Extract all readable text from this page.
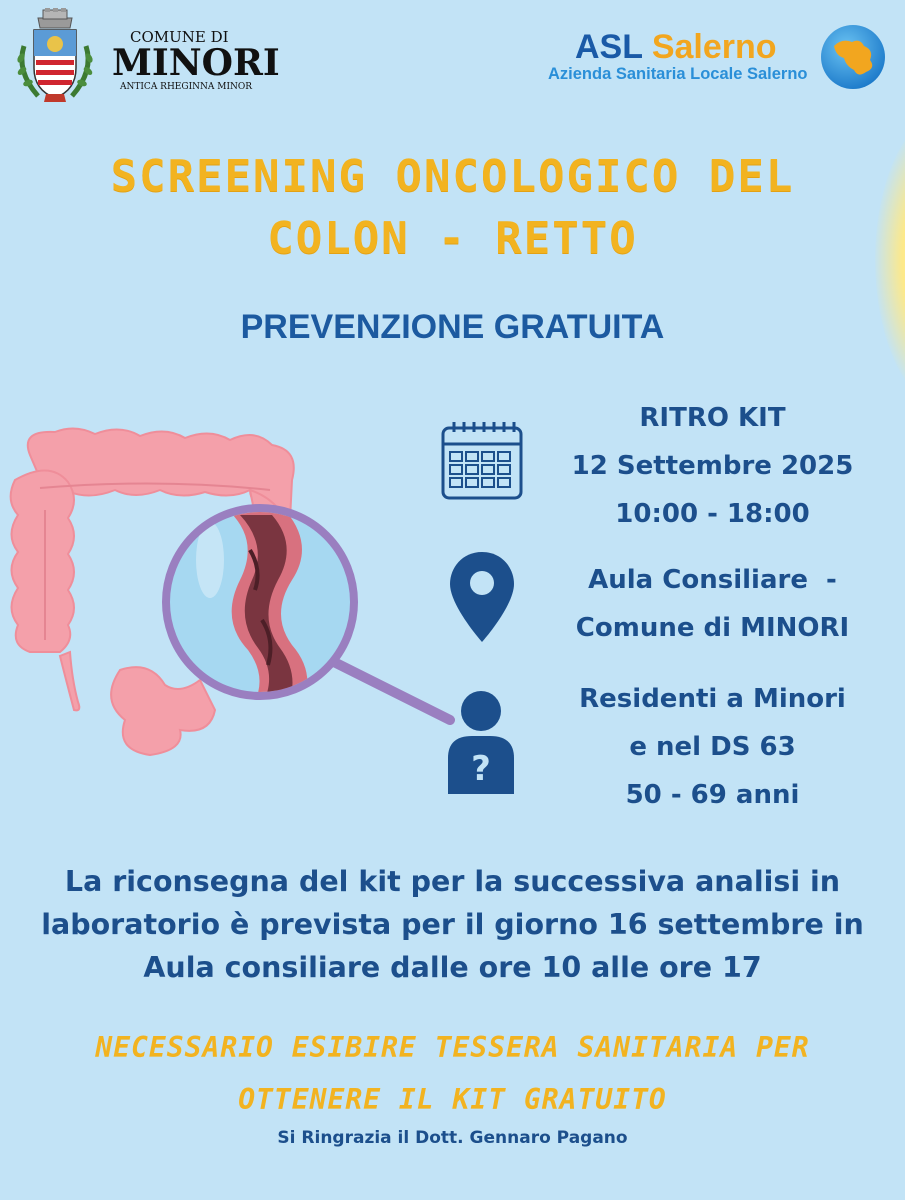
COMUNE DI
MINORI
ANTICA RHEGINNA MINOR
ASL Salerno
Azienda Sanitaria Locale Salerno
SCREENING ONCOLOGICO DEL
COLON - RETTO
PREVENZIONE GRATUITA
?
RITRO KIT
12 Settembre 2025
10:00 - 18:00
Aula Consiliare  -
Comune di MINORI
Residenti a Minori
e nel DS 63
50 - 69 anni
La riconsegna del kit per la successiva analisi in
laboratorio è prevista per il giorno 16 settembre in
Aula consiliare dalle ore 10 alle ore 17
NECESSARIO ESIBIRE TESSERA SANITARIA PER
OTTENERE IL KIT GRATUITO
Si Ringrazia il Dott. Gennaro Pagano
